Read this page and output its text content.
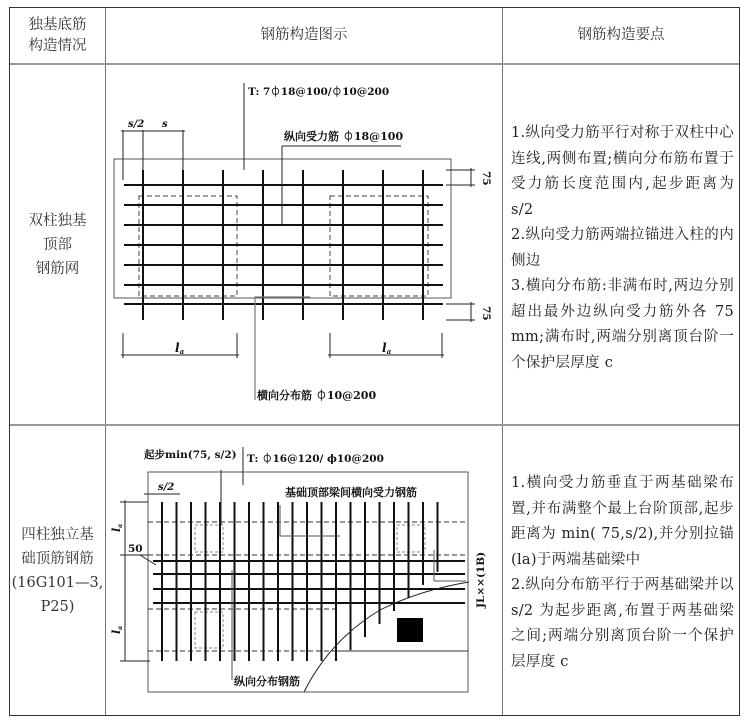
独基底筋
构造情况
钢筋构造图示	钢筋构造要点
双柱独基
顶部
钢筋网

1.纵向受力筋平行对称于双柱中心连线,两侧布置;横向分布筋布置于受力筋长度范围内,起步距离为 s/2

2.纵向受力筋两端拉锚进入柱的内侧边

3.横向分布筋:非满布时,两边分别超出最外边纵向受力筋外各 75 mm;满布时,两端分别离顶台阶一个保护层厚度 c

四柱独立基
础顶筋钢筋
(16G101—3,
P25)

1.横向受力筋垂直于两基础梁布置,并布满整个最上台阶顶部,起步距离为 min( 75,s/2),并分别拉锚(la)于两端基础梁中

2.纵向分布筋平行于两基础梁并以 s/2 为起步距离,布置于两基础梁之间;两端分别离顶台阶一个保护层厚度 c

s/2 s
T: 7⏀18@100/⏀10@200
纵向受力筋 ⏀18@100
75
75
la	la
横向分布筋 ⏀10@200
起步min(75, s/2) T: ⏀16@120/ ϕ10@200
基础顶部梁间横向受力钢筋
纵向分布钢筋
JL××(1B)
s/2
50
la
la
